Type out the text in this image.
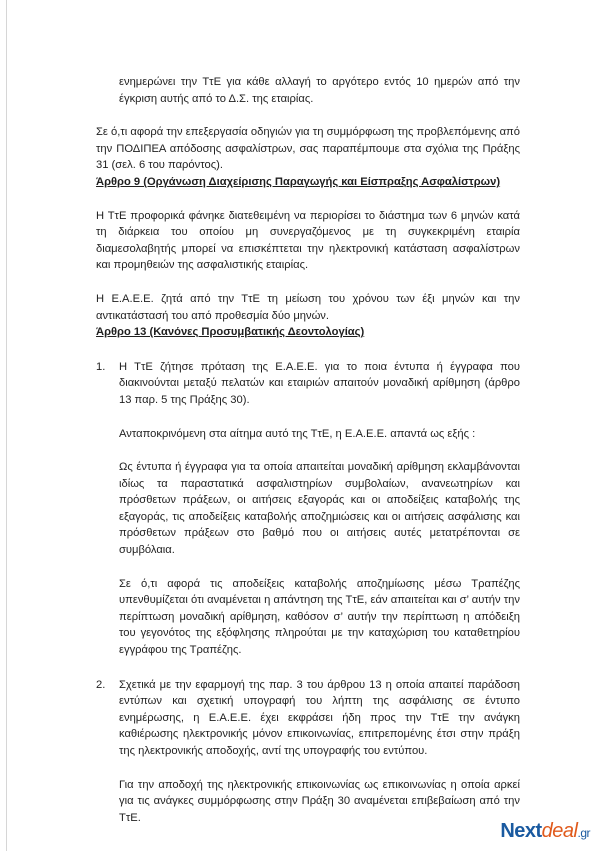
ενημερώνει την ΤτΕ για κάθε αλλαγή το αργότερο εντός 10 ημερών από την έγκριση αυτής από το Δ.Σ. της εταιρίας.

Σε ό,τι αφορά την επεξεργασία οδηγιών για τη συμμόρφωση της προβλεπόμενης από την ΠΟΔΙΠΕΑ απόδοσης ασφαλίστρων, σας παραπέμπουμε στα σχόλια της Πράξης 31 (σελ. 6 του παρόντος).

Άρθρο 9 (Οργάνωση Διαχείρισης Παραγωγής και Είσπραξης Ασφαλίστρων)

Η ΤτΕ προφορικά φάνηκε διατεθειμένη να περιορίσει το διάστημα των 6 μηνών κατά τη διάρκεια του οποίου μη συνεργαζόμενος με τη συγκεκριμένη εταιρία διαμεσολαβητής μπορεί να επισκέπτεται την ηλεκτρονική κατάσταση ασφαλίστρων και προμηθειών της ασφαλιστικής εταιρίας.

Η Ε.Α.Ε.Ε. ζητά από την ΤτΕ τη μείωση του χρόνου των έξι μηνών και την αντικατάστασή του από προθεσμία δύο μηνών.

Άρθρο 13 (Κανόνες Προσυμβατικής Δεοντολογίας)
1. Η ΤτΕ ζήτησε πρόταση της Ε.Α.Ε.Ε. για το ποια έντυπα ή έγγραφα που διακινούνται μεταξύ πελατών και εταιριών απαιτούν μοναδική αρίθμηση (άρθρο 13 παρ. 5 της Πράξης 30).

Ανταποκρινόμενη στα αίτημα αυτό της ΤτΕ, η Ε.Α.Ε.Ε. απαντά ως εξής :

Ως έντυπα ή έγγραφα για τα οποία απαιτείται μοναδική αρίθμηση εκλαμβάνονται ιδίως τα παραστατικά ασφαλιστηρίων συμβολαίων, ανανεωτηρίων και πρόσθετων πράξεων, οι αιτήσεις εξαγοράς και οι αποδείξεις καταβολής της εξαγοράς, τις αποδείξεις καταβολής αποζημιώσεις και οι αιτήσεις ασφάλισης και πρόσθετων πράξεων στο βαθμό που οι αιτήσεις αυτές μετατρέπονται σε συμβόλαια.

Σε ό,τι αφορά τις αποδείξεις καταβολής αποζημίωσης μέσω Τραπέζης υπενθυμίζεται ότι αναμένεται η απάντηση της ΤτΕ, εάν απαιτείται και σ’ αυτήν την περίπτωση μοναδική αρίθμηση, καθόσον σ’ αυτήν την περίπτωση η απόδειξη του γεγονότος της εξόφλησης πληρούται με την καταχώριση του καταθετηρίου εγγράφου της Τραπέζης.

2. Σχετικά με την εφαρμογή της παρ. 3 του άρθρου 13 η οποία απαιτεί παράδοση εντύπων και σχετική υπογραφή του λήπτη της ασφάλισης σε έντυπο ενημέρωσης, η Ε.Α.Ε.Ε. έχει εκφράσει ήδη προς την ΤτΕ την ανάγκη καθιέρωσης ηλεκτρονικής μόνον επικοινωνίας, επιτρεπομένης έτσι στην πράξη της ηλεκτρονικής αποδοχής, αντί της υπογραφής του εντύπου.

Για την αποδοχή της ηλεκτρονικής επικοινωνίας ως επικοινωνίας η οποία αρκεί για τις ανάγκες συμμόρφωσης στην Πράξη 30 αναμένεται επιβεβαίωση από την ΤτΕ.

Nextdeal.gr
